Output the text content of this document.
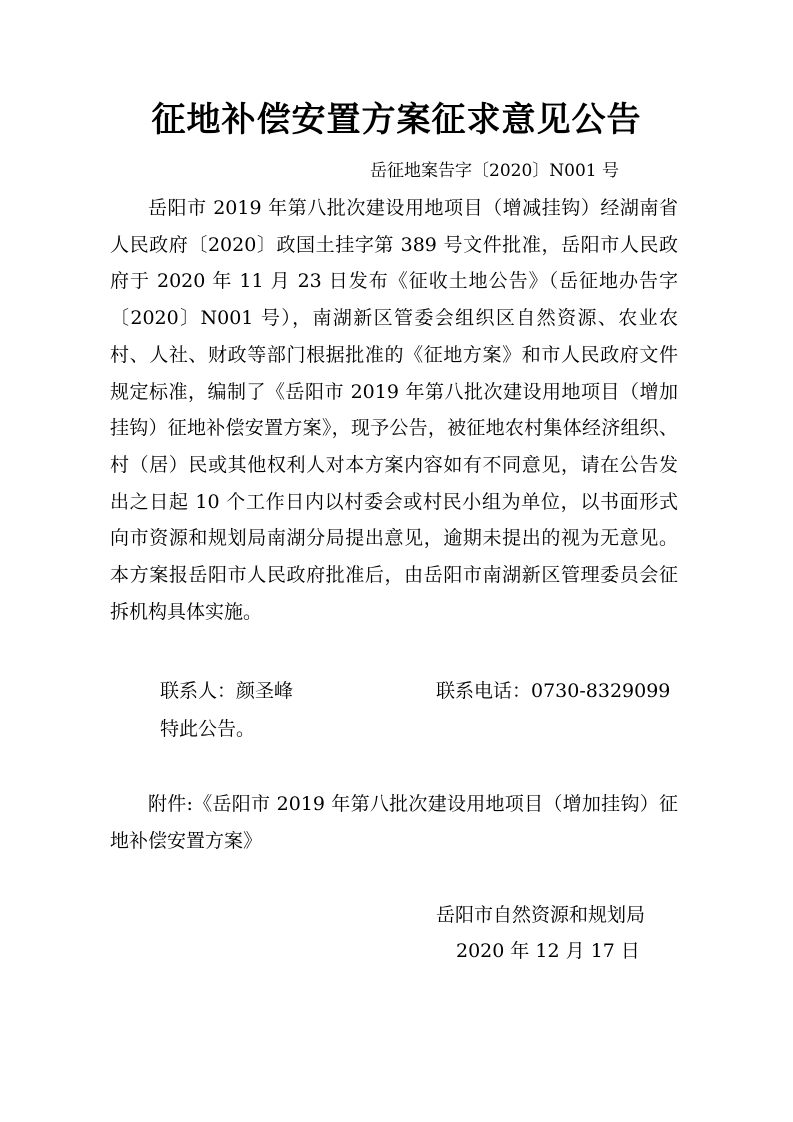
征地补偿安置方案征求意见公告
岳征地案告字〔2020〕N001 号

岳阳市 2019 年第八批次建设用地项目（增减挂钩）经湖南省人民政府〔2020〕政国土挂字第 389 号文件批准，岳阳市人民政府于 2020 年 11 月 23 日发布《征收土地公告》（岳征地办告字〔2020〕N001 号），南湖新区管委会组织区自然资源、农业农村、人社、财政等部门根据批准的《征地方案》和市人民政府文件规定标准，编制了《岳阳市 2019 年第八批次建设用地项目（增加挂钩）征地补偿安置方案》，现予公告，被征地农村集体经济组织、村（居）民或其他权利人对本方案内容如有不同意见，请在公告发出之日起 10 个工作日内以村委会或村民小组为单位，以书面形式向市资源和规划局南湖分局提出意见，逾期未提出的视为无意见。本方案报岳阳市人民政府批准后，由岳阳市南湖新区管理委员会征拆机构具体实施。

联系人：颜圣峰	联系电话：0730-8329099
特此公告。

附件:《岳阳市 2019 年第八批次建设用地项目（增加挂钩）征地补偿安置方案》

岳阳市自然资源和规划局
2020 年 12 月 17 日
